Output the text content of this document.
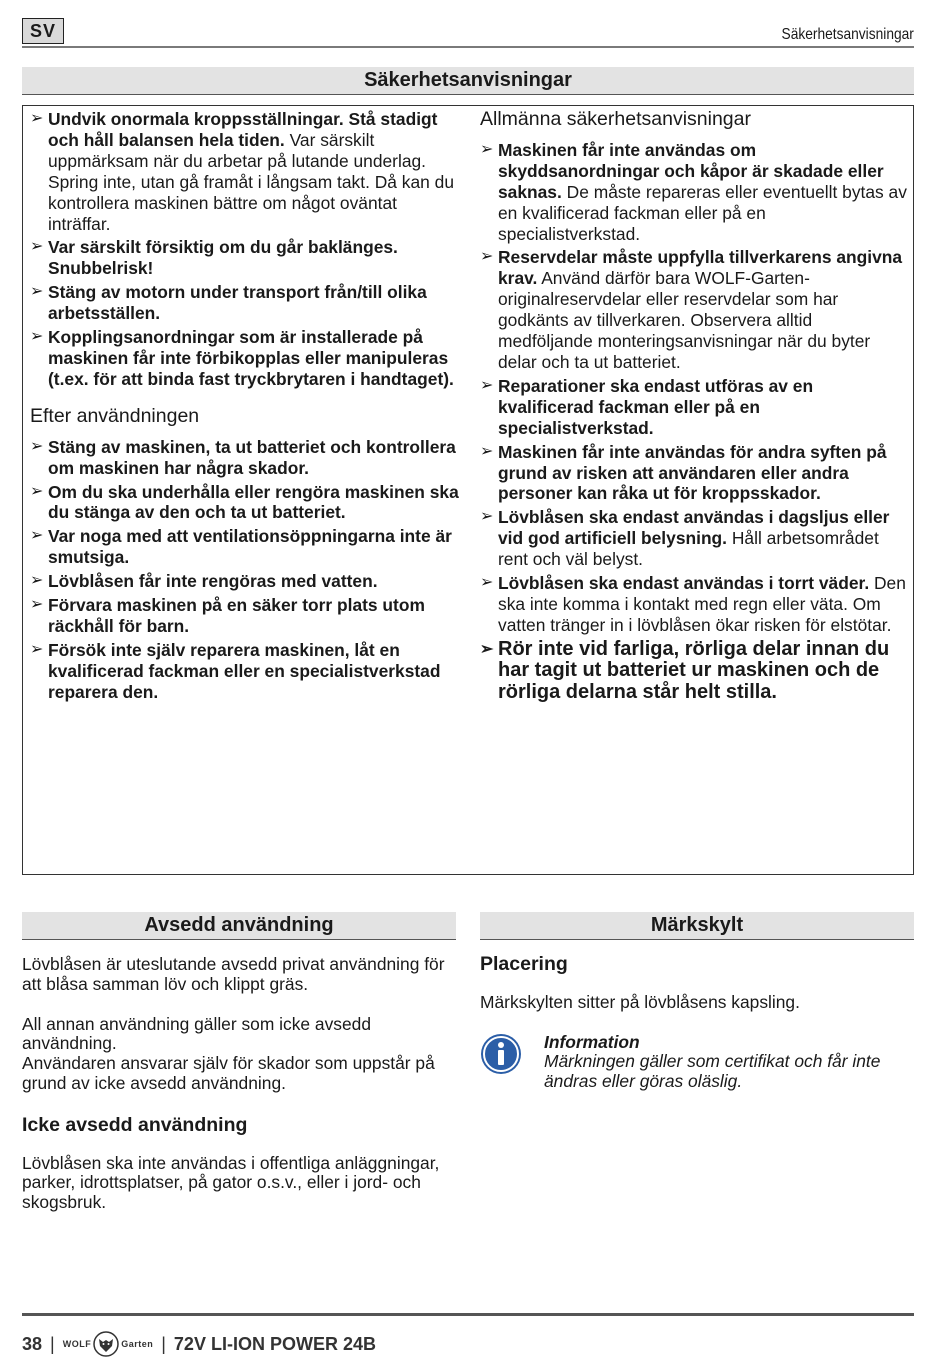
SV	Säkerhetsanvisningar
Säkerhetsanvisningar
➢ Undvik onormala kroppsställningar. Stå stadigt och håll balansen hela tiden. Var särskilt uppmärksam när du arbetar på lutande underlag. Spring inte, utan gå framåt i långsam takt. Då kan du kontrollera maskinen bättre om något oväntat inträffar.
➢ Var särskilt försiktig om du går baklänges. Snubbelrisk!
➢ Stäng av motorn under transport från/till olika arbetsställen.
➢ Kopplingsanordningar som är installerade på maskinen får inte förbikopplas eller manipuleras (t.ex. för att binda fast tryckbrytaren i handtaget).
Efter användningen
➢ Stäng av maskinen, ta ut batteriet och kontrollera om maskinen har några skador.
➢ Om du ska underhålla eller rengöra maskinen ska du stänga av den och ta ut batteriet.
➢ Var noga med att ventilationsöppningarna inte är smutsiga.
➢ Lövblåsen får inte rengöras med vatten.
➢ Förvara maskinen på en säker torr plats utom räckhåll för barn.
➢ Försök inte själv reparera maskinen, låt en kvalificerad fackman eller en specialistverkstad reparera den.
Allmänna säkerhetsanvisningar
➢ Maskinen får inte användas om skyddsanordningar och kåpor är skadade eller saknas. De måste repareras eller eventuellt bytas av en kvalificerad fackman eller på en specialistverkstad.
➢ Reservdelar måste uppfylla tillverkarens angivna krav. Använd därför bara WOLF-Garten-originalreservdelar eller reservdelar som har godkänts av tillverkaren. Observera alltid medföljande monteringsanvisningar när du byter delar och ta ut batteriet.
➢ Reparationer ska endast utföras av en kvalificerad fackman eller på en specialistverkstad.
➢ Maskinen får inte användas för andra syften på grund av risken att användaren eller andra personer kan råka ut för kroppsskador.
➢ Lövblåsen ska endast användas i dagsljus eller vid god artificiell belysning. Håll arbetsområdet rent och väl belyst.
➢ Lövblåsen ska endast användas i torrt väder. Den ska inte komma i kontakt med regn eller väta. Om vatten tränger in i lövblåsen ökar risken för elstötar.
➢ Rör inte vid farliga, rörliga delar innan du har tagit ut batteriet ur maskinen och de rörliga delarna står helt stilla.
Avsedd användning	Märkskylt
Lövblåsen är uteslutande avsedd privat användning för att blåsa samman löv och klippt gräs.
All annan användning gäller som icke avsedd användning.
Användaren ansvarar själv för skador som uppstår på grund av icke avsedd användning.
Icke avsedd användning
Lövblåsen ska inte användas i offentliga anläggningar, parker, idrottsplatser, på gator o.s.v., eller i jord- och skogsbruk.
Placering
Märkskylten sitter på lövblåsens kapsling.
Information
Märkningen gäller som certifikat och får inte ändras eller göras oläslig.
38 | WOLF	Garten | 72V LI-ION POWER 24B
